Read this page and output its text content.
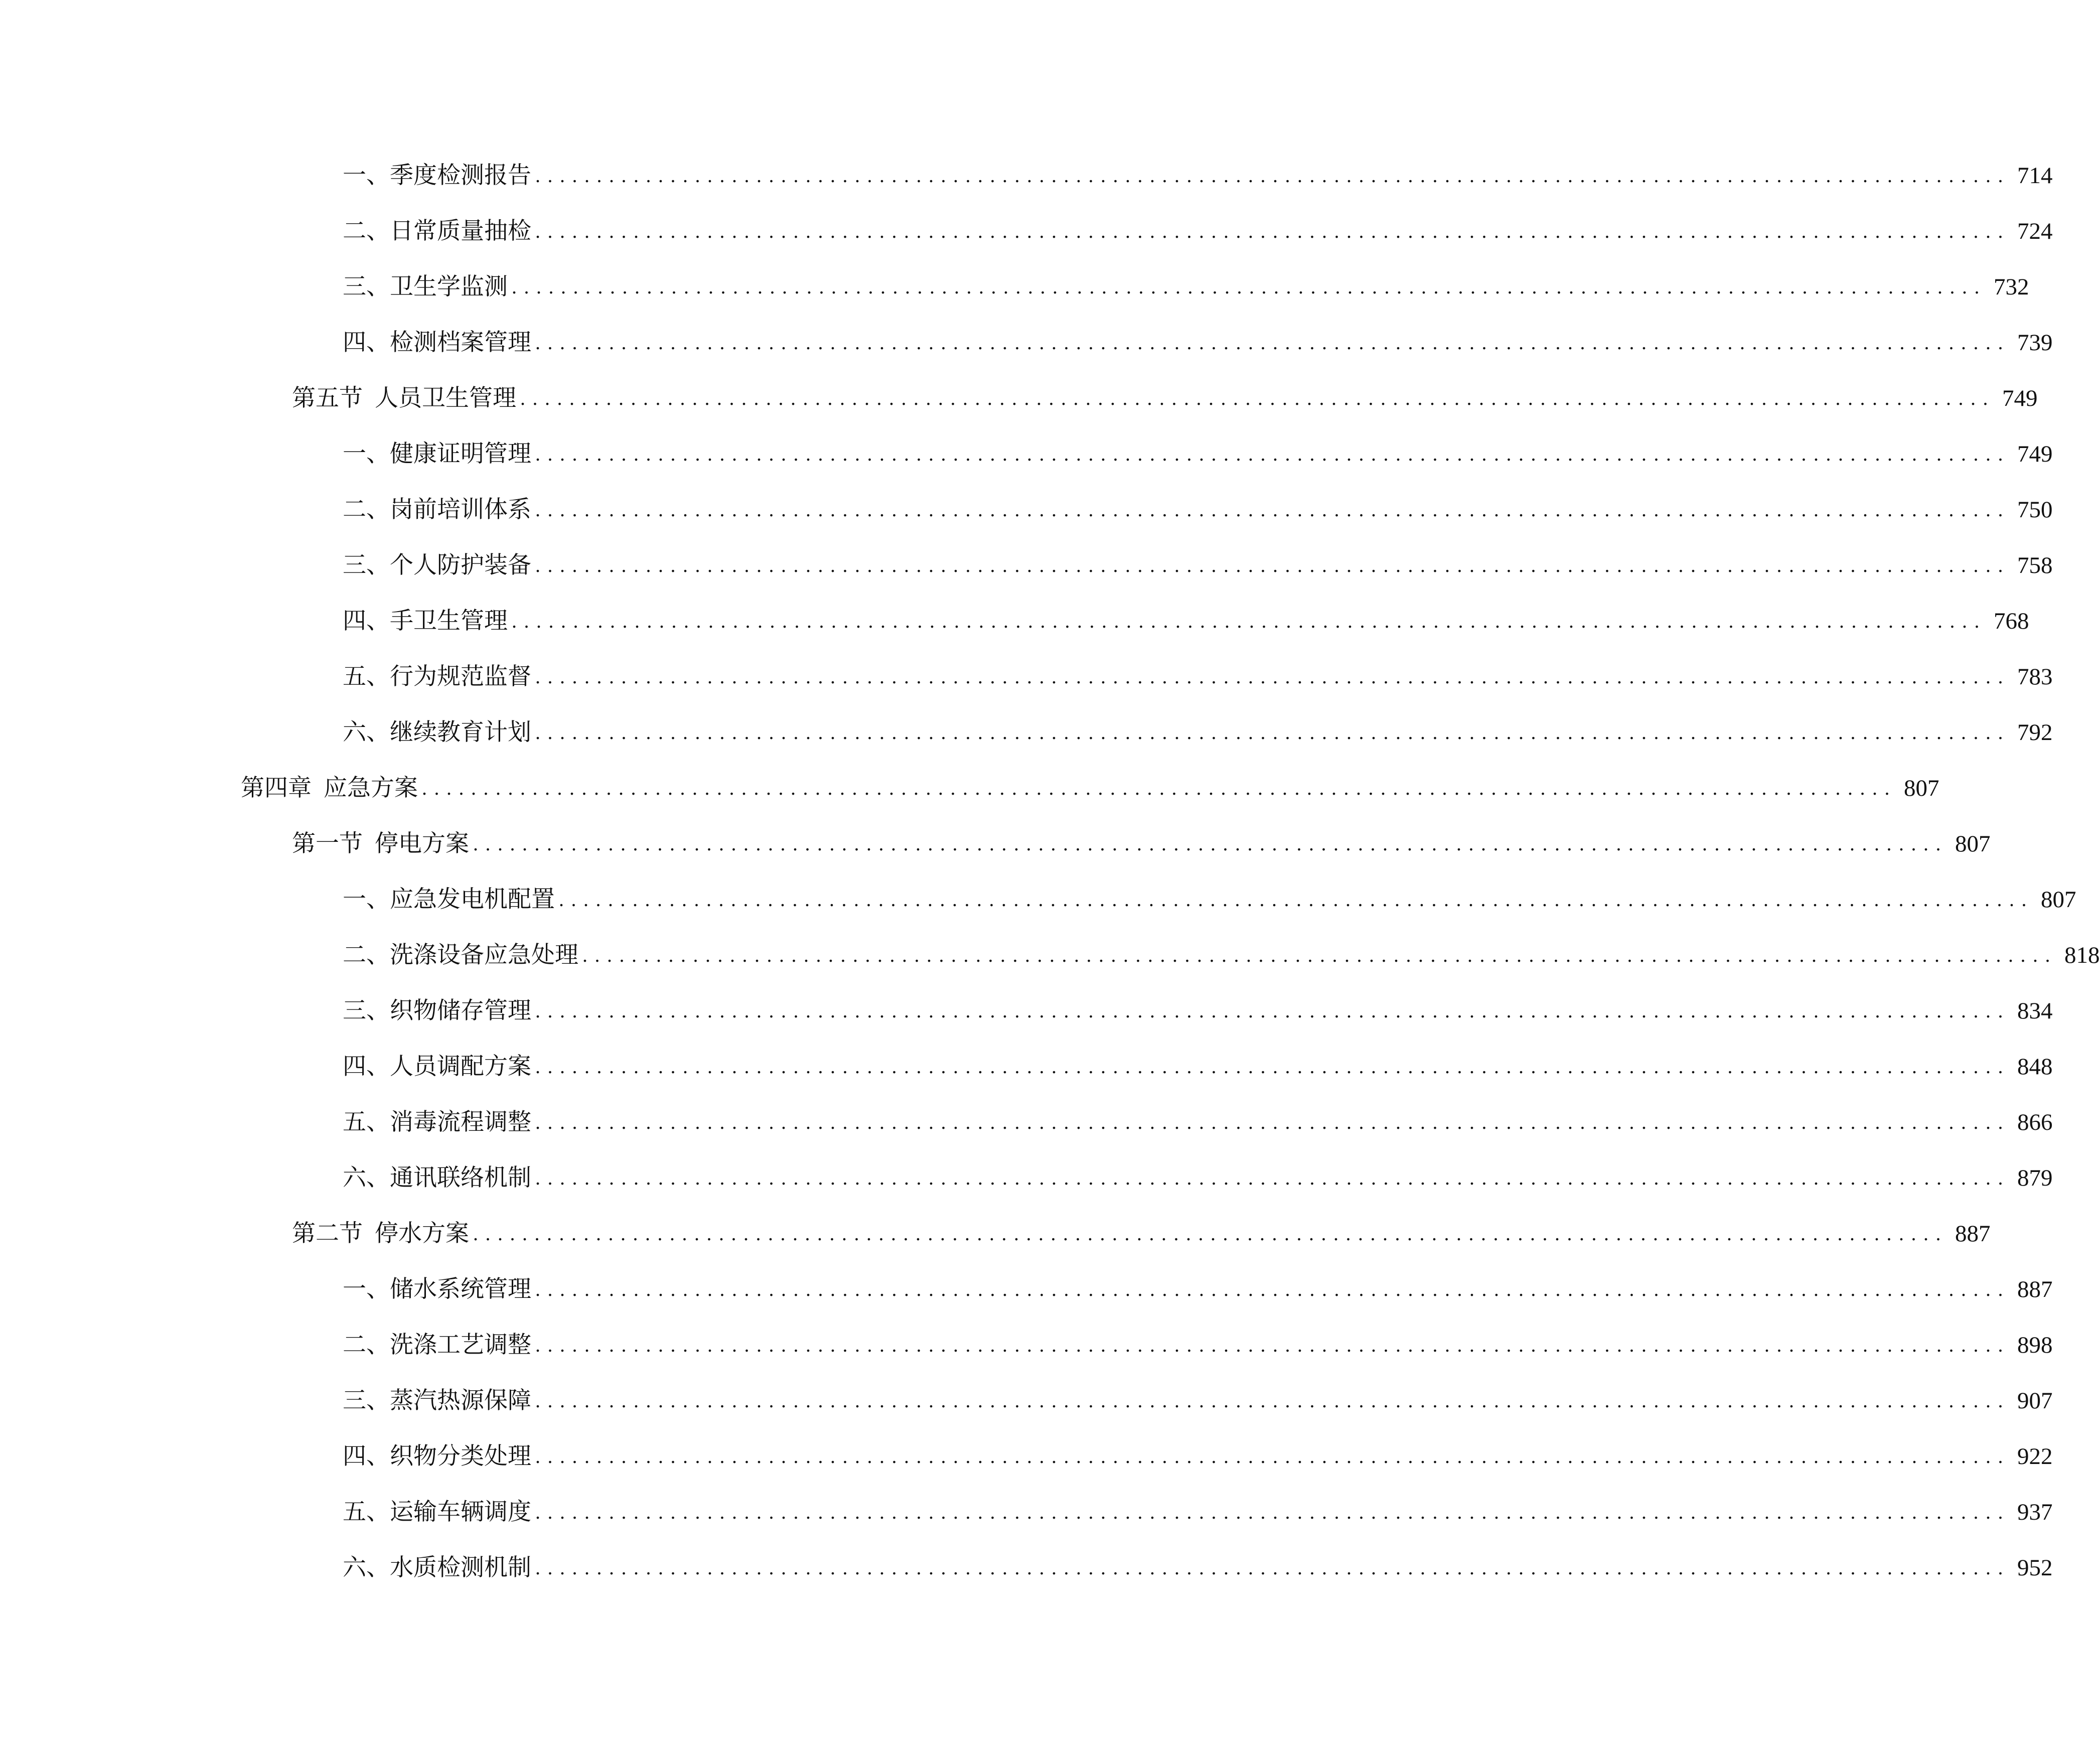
一、 季度检测报告 ........................................................................................................................ 714
二、 日常质量抽检 ........................................................................................................................ 724
三、 卫生学监测 ........................................................................................................................ 732
四、 检测档案管理 ........................................................................................................................ 739
第五节 人员卫生管理 ........................................................................................................................ 749
一、 健康证明管理 ........................................................................................................................ 749
二、 岗前培训体系 ........................................................................................................................ 750
三、 个人防护装备 ........................................................................................................................ 758
四、 手卫生管理 ........................................................................................................................ 768
五、 行为规范监督 ........................................................................................................................ 783
六、 继续教育计划 ........................................................................................................................ 792
第四章 应急方案 ........................................................................................................................ 807
第一节 停电方案 ........................................................................................................................ 807
一、 应急发电机配置 ........................................................................................................................ 807
二、 洗涤设备应急处理 ........................................................................................................................ 818
三、 织物储存管理 ........................................................................................................................ 834
四、 人员调配方案 ........................................................................................................................ 848
五、 消毒流程调整 ........................................................................................................................ 866
六、 通讯联络机制 ........................................................................................................................ 879
第二节 停水方案 ........................................................................................................................ 887
一、 储水系统管理 ........................................................................................................................ 887
二、 洗涤工艺调整 ........................................................................................................................ 898
三、 蒸汽热源保障 ........................................................................................................................ 907
四、 织物分类处理 ........................................................................................................................ 922
五、 运输车辆调度 ........................................................................................................................ 937
六、 水质检测机制 ........................................................................................................................ 952
